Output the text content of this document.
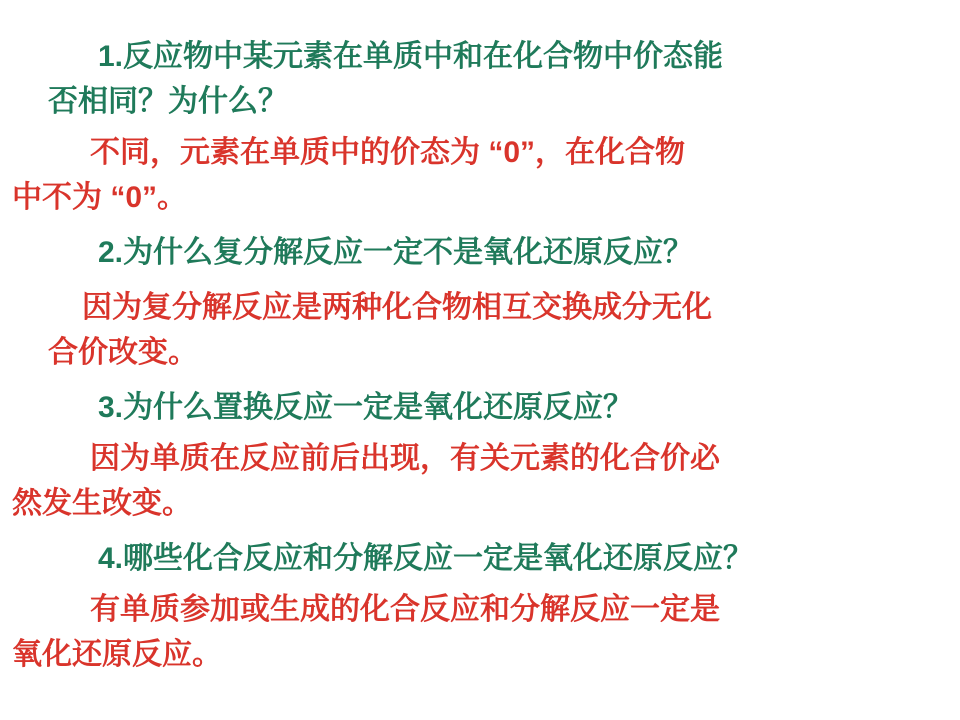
1.反应物中某元素在单质中和在化合物中价态能
否相同？为什么？
不同，元素在单质中的价态为 “0”，在化合物
中不为 “0”。
2.为什么复分解反应一定不是氧化还原反应？
因为复分解反应是两种化合物相互交换成分无化
合价改变。
3.为什么置换反应一定是氧化还原反应？
因为单质在反应前后出现，有关元素的化合价必
然发生改变。
4.哪些化合反应和分解反应一定是氧化还原反应？
有单质参加或生成的化合反应和分解反应一定是
氧化还原反应。
